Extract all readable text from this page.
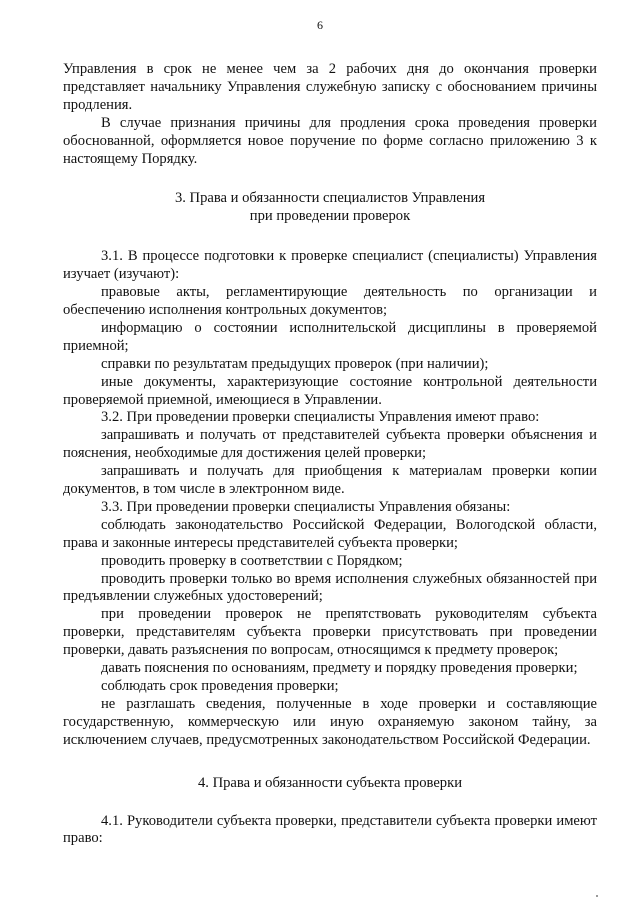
6

Управления в срок не менее чем за 2 рабочих дня до окончания проверки представляет начальнику Управления служебную записку с обоснованием причины продления.

В случае признания причины для продления срока проведения проверки обоснованной, оформляется новое поручение по форме согласно приложению 3 к настоящему Порядку.

3. Права и обязанности специалистов Управления

при проведении проверок

3.1. В процессе подготовки к проверке специалист (специалисты) Управления изучает (изучают):

правовые акты, регламентирующие деятельность по организации и обеспечению исполнения контрольных документов;

информацию о состоянии исполнительской дисциплины в проверяемой приемной;

справки по результатам предыдущих проверок (при наличии);

иные документы, характеризующие состояние контрольной деятельности проверяемой приемной, имеющиеся в Управлении.

3.2. При проведении проверки специалисты Управления имеют право:

запрашивать и получать от представителей субъекта проверки объяснения и пояснения, необходимые для достижения целей проверки;

запрашивать и получать для приобщения к материалам проверки копии документов, в том числе в электронном виде.

3.3. При проведении проверки специалисты Управления обязаны:

соблюдать законодательство Российской Федерации, Вологодской области, права и законные интересы представителей субъекта проверки;

проводить проверку в соответствии с Порядком;

проводить проверки только во время исполнения служебных обязанностей при предъявлении служебных удостоверений;

при проведении проверок не препятствовать руководителям субъекта проверки, представителям субъекта проверки присутствовать при проведении проверки, давать разъяснения по вопросам, относящимся к предмету проверок;

давать пояснения по основаниям, предмету и порядку проведения проверки;

соблюдать срок проведения проверки;

не разглашать сведения, полученные в ходе проверки и составляющие государственную, коммерческую или иную охраняемую законом тайну, за исключением случаев, предусмотренных законодательством Российской Федерации.

4. Права и обязанности субъекта проверки

4.1. Руководители субъекта проверки, представители субъекта проверки имеют право:
